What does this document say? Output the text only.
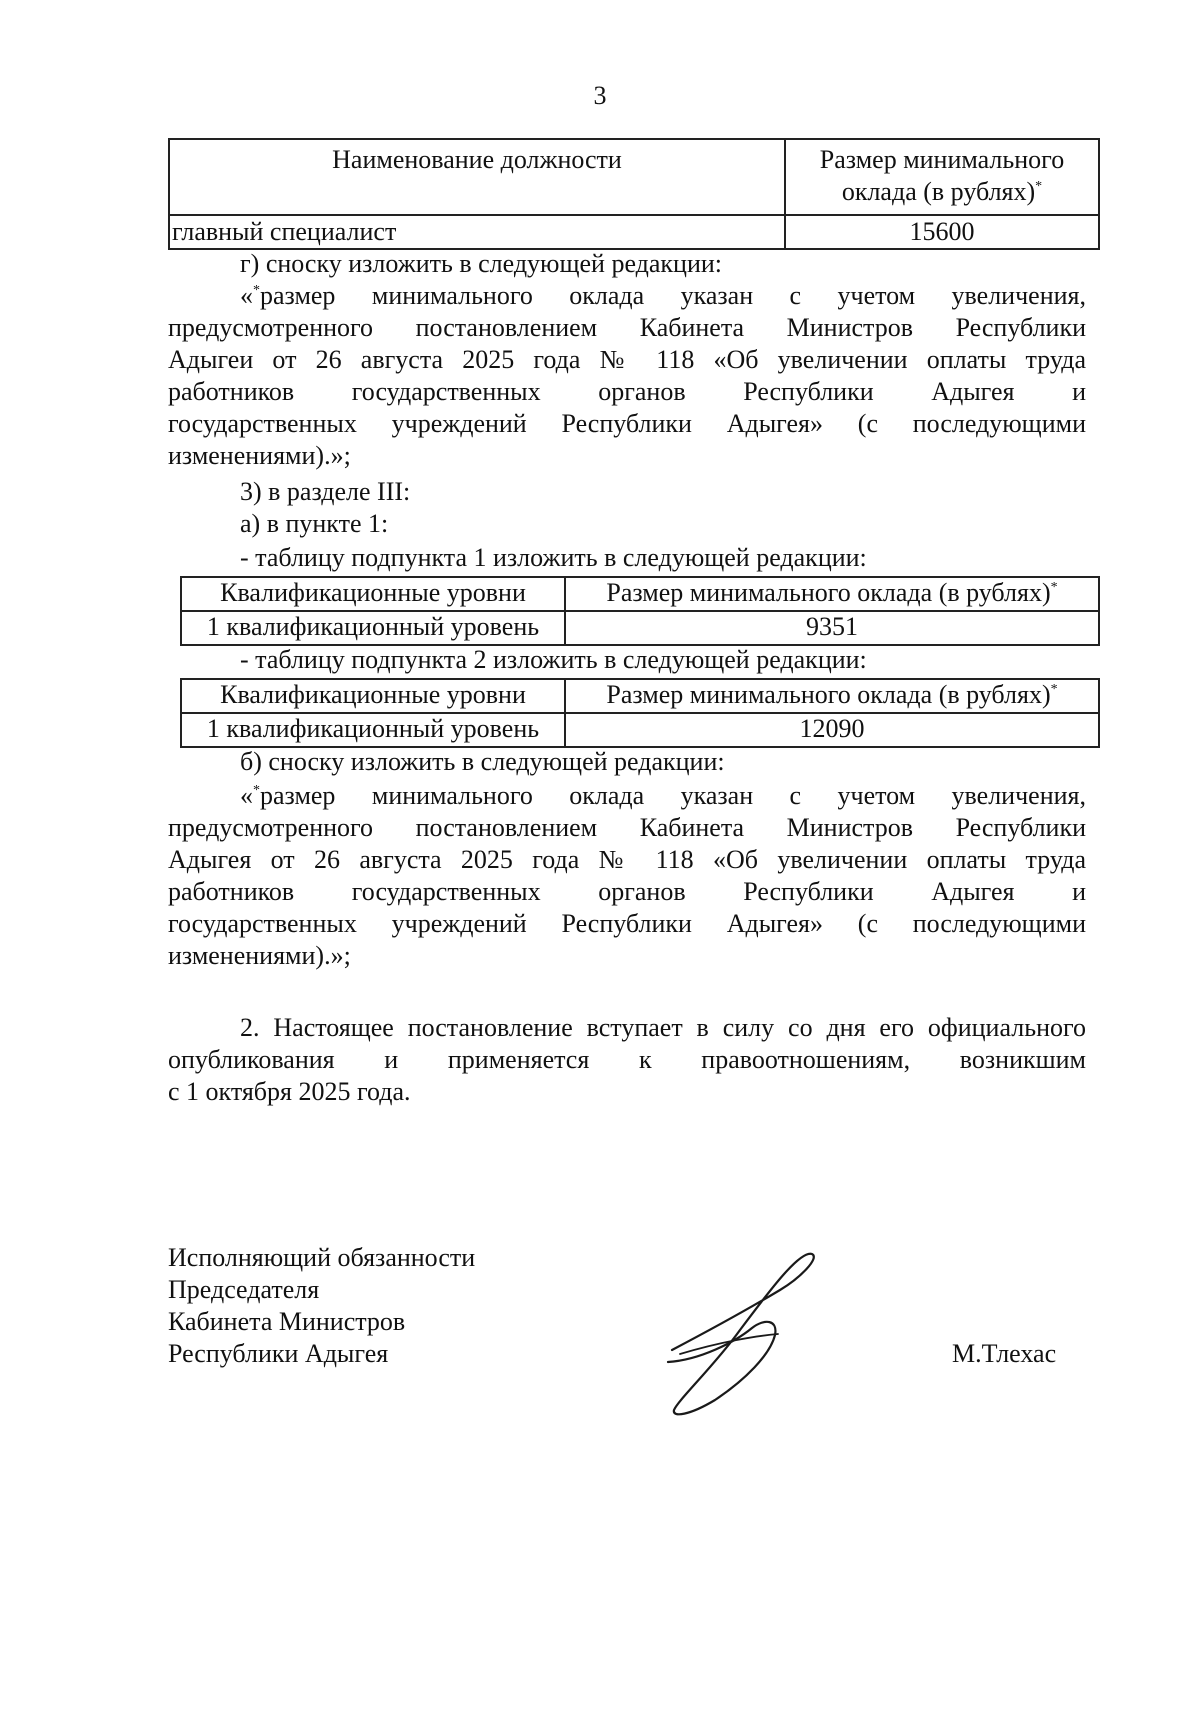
3
Наименование должности	Размер минимального
оклада (в рублях)*
главный специалист	15600
г) сноску изложить в следующей редакции:
«*размер минимального оклада указан с учетом увеличения,
предусмотренного постановлением Кабинета Министров Республики
Адыгеи от 26 августа 2025 года № 118 «Об увеличении оплаты труда
работников государственных органов Республики Адыгея и
государственных учреждений Республики Адыгея» (с последующими
изменениями).»;
3) в разделе III:
а) в пункте 1:
- таблицу подпункта 1 изложить в следующей редакции:
Квалификационные уровни	Размер минимального оклада (в рублях)*
1 квалификационный уровень	9351
- таблицу подпункта 2 изложить в следующей редакции:
Квалификационные уровни	Размер минимального оклада (в рублях)*
1 квалификационный уровень	12090
б) сноску изложить в следующей редакции:
«*размер минимального оклада указан с учетом увеличения,
предусмотренного постановлением Кабинета Министров Республики
Адыгея от 26 августа 2025 года № 118 «Об увеличении оплаты труда
работников государственных органов Республики Адыгея и
государственных учреждений Республики Адыгея» (с последующими
изменениями).»;
2. Настоящее постановление вступает в силу со дня его официального
опубликования и применяется к правоотношениям, возникшим
с 1 октября 2025 года.
Исполняющий обязанности
Председателя
Кабинета Министров
Республики Адыгея	М.Тлехас
